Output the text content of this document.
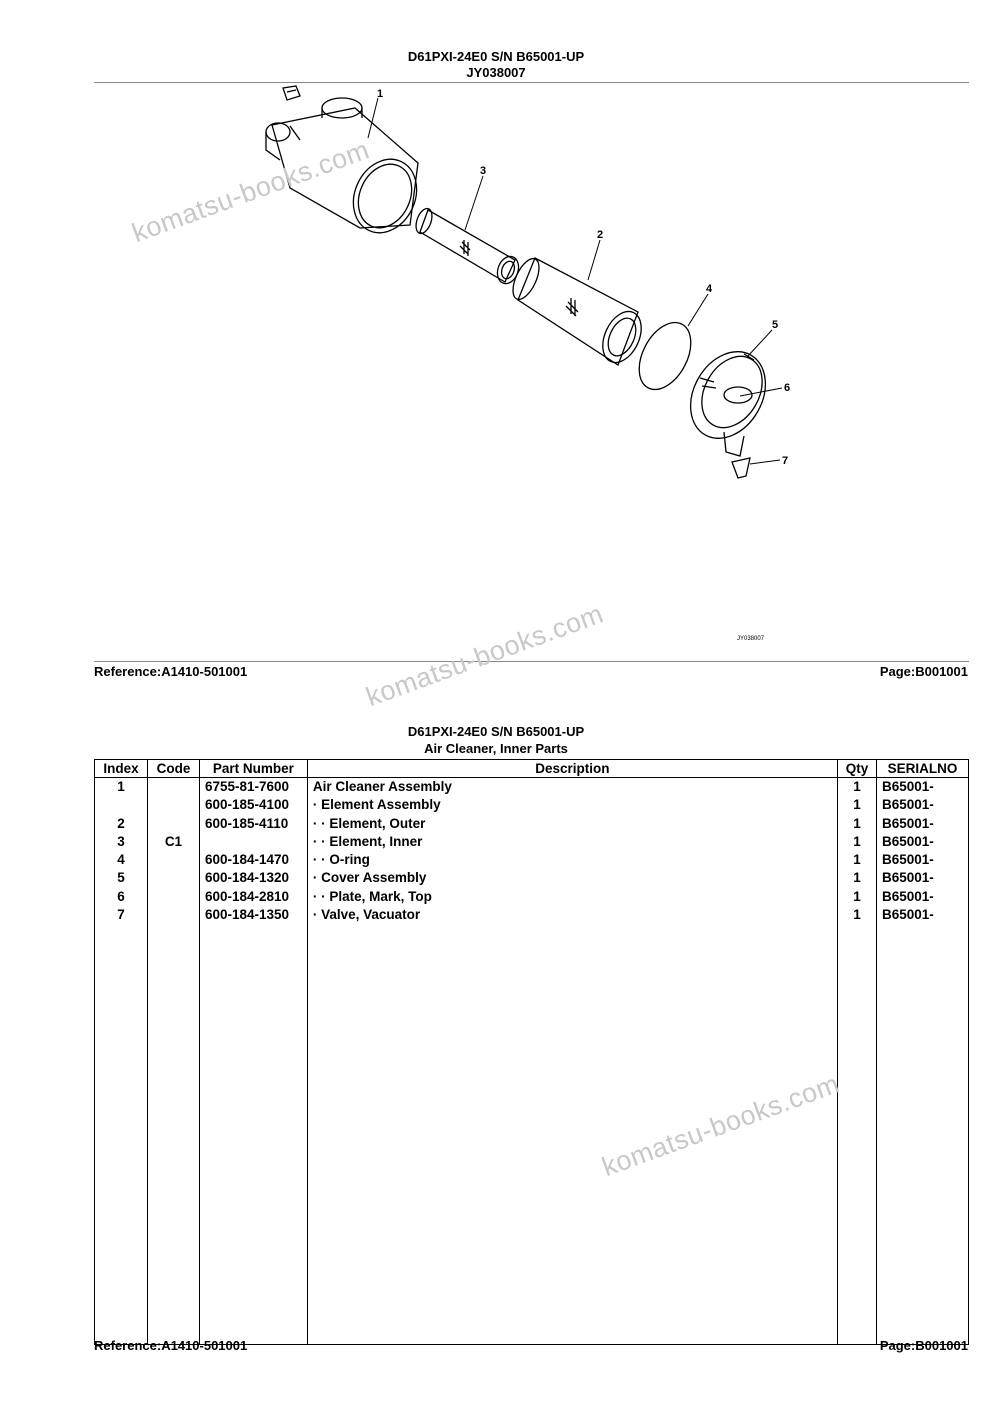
D61PXI-24E0 S/N B65001-UP
JY038007
1
3
2
4
5
6
7
JY038007
Reference:A1410-501001	Page:B001001
D61PXI-24E0 S/N B65001-UP
Air Cleaner, Inner Parts
Index	Code	Part Number	Description	Qty	SERIALNO
1		6755-81-7600	Air Cleaner Assembly	1	B65001-
		600-185-4100	· Element Assembly	1	B65001-
2		600-185-4110	· · Element, Outer	1	B65001-
3	C1		· · Element, Inner	1	B65001-
4		600-184-1470	· · O-ring	1	B65001-
5		600-184-1320	· Cover Assembly	1	B65001-
6		600-184-2810	· · Plate, Mark, Top	1	B65001-
7		600-184-1350	· Valve, Vacuator	1	B65001-

Reference:A1410-501001	Page:B001001
komatsu-books.com
komatsu-books.com
komatsu-books.com
